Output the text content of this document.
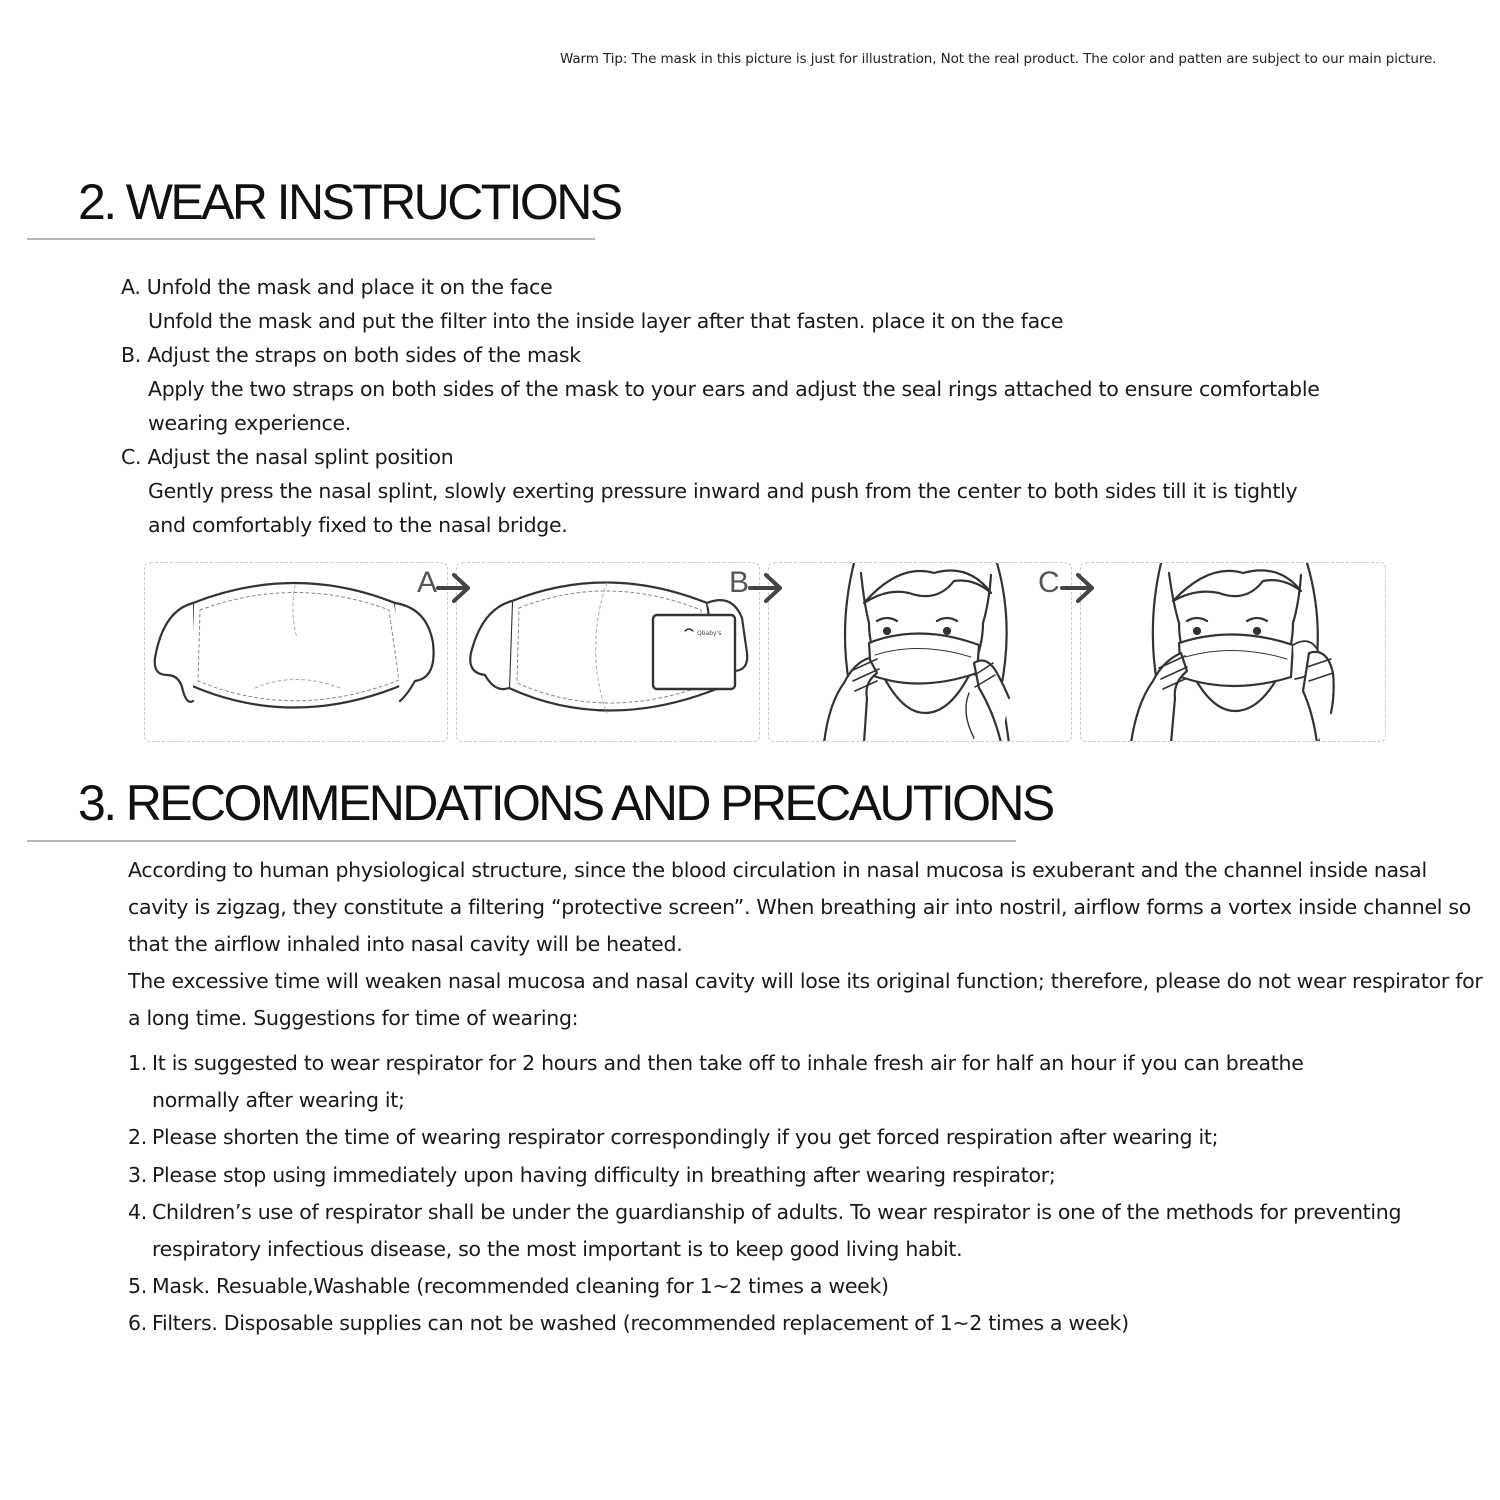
Warm Tip: The mask in this picture is just for illustration, Not the real product. The color and patten are subject to our main picture.
2. WEAR INSTRUCTIONS
A. Unfold the mask and place it on the face
Unfold the mask and put the filter into the inside layer after that fasten. place it on the face
B. Adjust the straps on both sides of the mask
Apply the two straps on both sides of the mask to your ears and adjust the seal rings attached to ensure comfortable
wearing experience.
C. Adjust the nasal splint position
Gently press the nasal splint, slowly exerting pressure inward and push from the center to both sides till it is tightly
and comfortably fixed to the nasal bridge.
Qbaby's
A	B	C
3. RECOMMENDATIONS AND PRECAUTIONS

According to human physiological structure, since the blood circulation in nasal mucosa is exuberant and the channel inside nasal cavity is zigzag, they constitute a filtering “protective screen”. When breathing air into nostril, airflow forms a vortex inside channel so that the airflow inhaled into nasal cavity will be heated.

The excessive time will weaken nasal mucosa and nasal cavity will lose its original function; therefore, please do not wear respirator for a long time. Suggestions for time of wearing:

1. It is suggested to wear respirator for 2 hours and then take off to inhale fresh air for half an hour if you can breathe
normally after wearing it;
2. Please shorten the time of wearing respirator correspondingly if you get forced respiration after wearing it;
3. Please stop using immediately upon having difficulty in breathing after wearing respirator;
4. Children’s use of respirator shall be under the guardianship of adults. To wear respirator is one of the methods for preventing
respiratory infectious disease, so the most important is to keep good living habit.
5. Mask. Resuable,Washable (recommended cleaning for 1~2 times a week)
6. Filters. Disposable supplies can not be washed (recommended replacement of 1~2 times a week)
